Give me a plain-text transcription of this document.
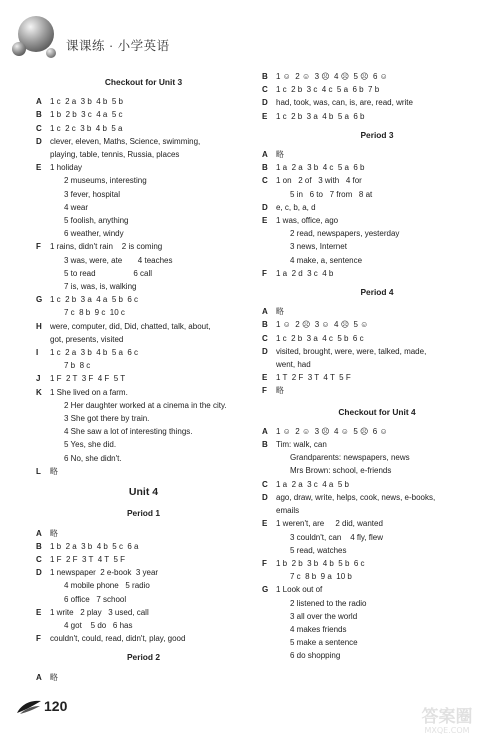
课课练 · 小学英语
Checkout for Unit 3
A	1 c  2 a  3 b  4 b  5 b
B	1 b  2 b  3 c  4 a  5 c
C	1 c  2 c  3 b  4 b  5 a
D	clever, eleven, Maths, Science, swimming,
playing, table, tennis, Russia, places
E	1 holiday
2 museums, interesting
3 fever, hospital
4 wear
5 foolish, anything
6 weather, windy
F	1 rains, didn't rain    2 is coming
3 was, were, ate       4 teaches
5 to read                 6 call
7 is, was, is, walking
G 1 c  2 b  3 a  4 a  5 b  6 c
7 c  8 b  9 c  10 c
H	were, computer, did, Did, chatted, talk, about,
got, presents, visited
I	1 c  2 a  3 b  4 b  5 a  6 c
7 b  8 c
J	1 F  2 T  3 F  4 F  5 T
K	1 She lived on a farm.
2 Her daughter worked at a cinema in the city.
3 She got there by train.
4 She saw a lot of interesting things.
5 Yes, she did.
6 No, she didn't.
L	略
Unit 4
Period 1
A	略
B	1 b  2 a  3 b  4 b  5 c  6 a
C	1 F  2 F  3 T  4 T  5 F
D	1 newspaper  2 e-book  3 year
4 mobile phone   5 radio
6 office   7 school
E	1 write   2 play   3 used, call
4 got    5 do   6 has
F	couldn't, could, read, didn't, play, good
Period 2
A	略
B	1 ☺  2 ☺  3 ☹  4 ☹  5 ☹  6 ☺
C	1 c  2 b  3 c  4 c  5 a  6 b  7 b
D	had, took, was, can, is, are, read, write
E	1 c  2 b  3 a  4 b  5 a  6 b
Period 3
A	略
B	1 a  2 a  3 b  4 c  5 a  6 b
C	1 on   2 of   3 with   4 for
5 in   6 to   7 from   8 at
D	e, c, b, a, d
E	1 was, office, ago
2 read, newspapers, yesterday
3 news, Internet
4 make, a, sentence
F	1 a  2 d  3 c  4 b
Period 4
A	略
B	1 ☺  2 ☹  3 ☺  4 ☹  5 ☺
C	1 c  2 b  3 a  4 c  5 b  6 c
D	visited, brought, were, were, talked, made,
went, had
E	1 T  2 F  3 T  4 T  5 F
F	略
Checkout for Unit 4
A	1 ☺  2 ☺  3 ☹  4 ☺  5 ☹  6 ☺
B	Tim: walk, can
Grandparents: newspapers, news
Mrs Brown: school, e-friends
C	1 a  2 a  3 c  4 a  5 b
D	ago, draw, write, helps, cook, news, e-books,
emails
E	1 weren't, are     2 did, wanted
3 couldn't, can    4 fly, flew
5 read, watches
F	1 b  2 b  3 b  4 b  5 b  6 c
7 c  8 b  9 a  10 b
G 1 Look out of
2 listened to the radio
3 all over the world
4 makes friends
5 make a sentence
6 do shopping
120
答案圈
MXQE.COM
